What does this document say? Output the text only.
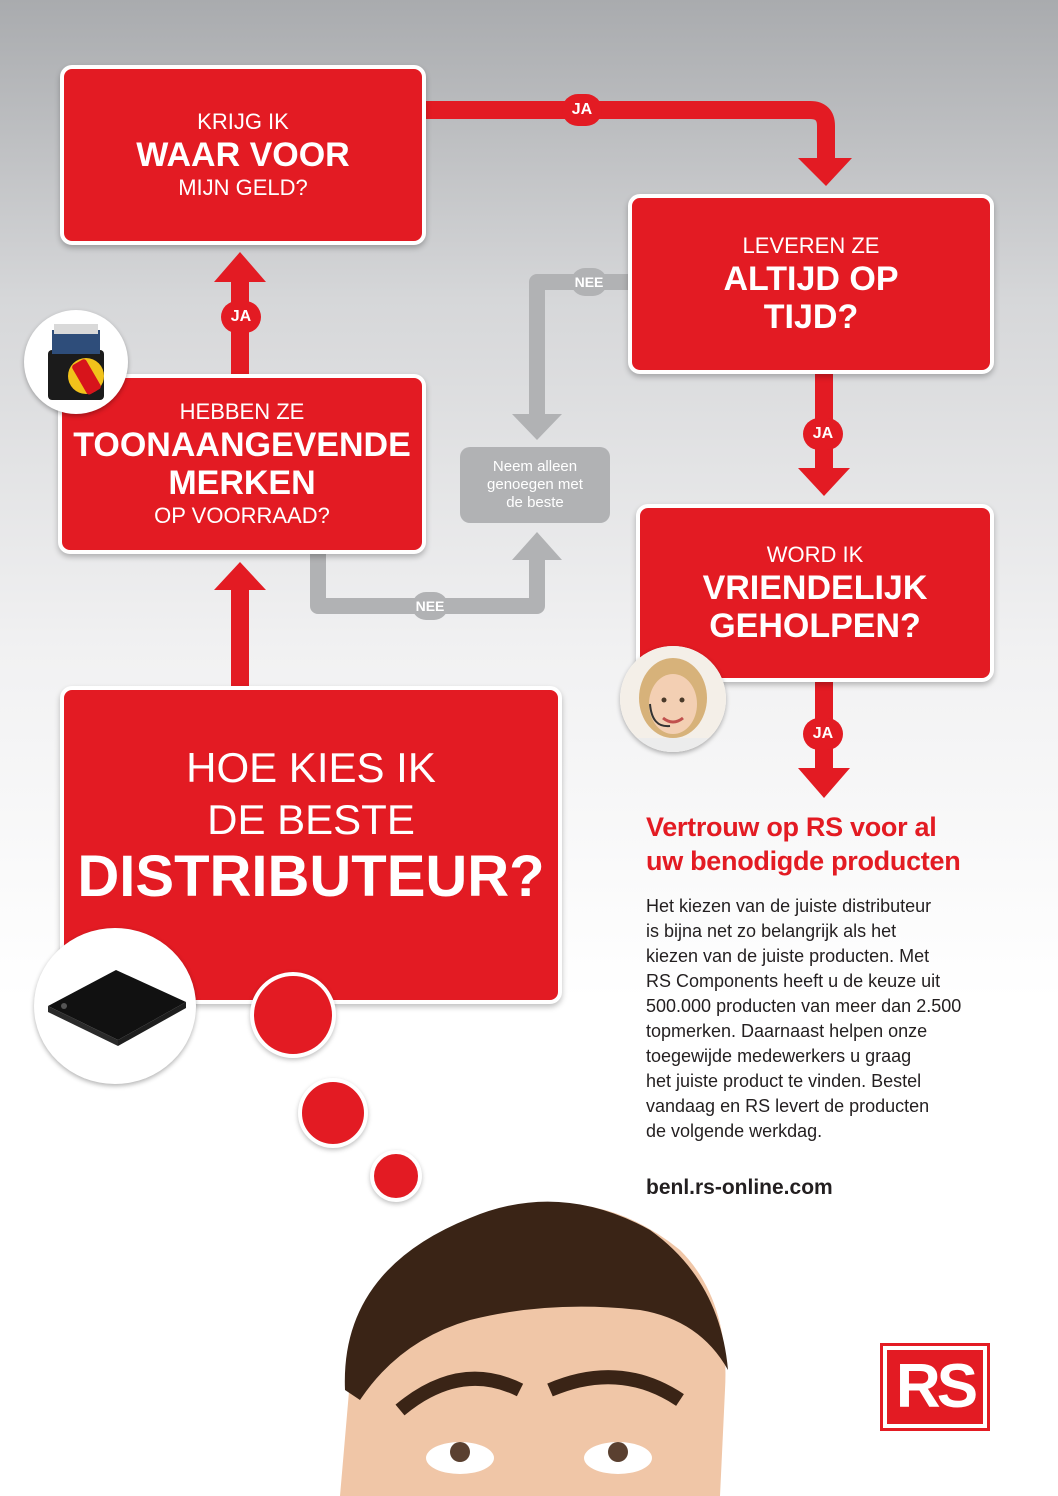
KRIJG IK
WAAR VOOR
MIJN GELD?
HEBBEN ZE
TOONAANGEVENDE
MERKEN
OP VOORRAAD?
LEVEREN ZE
ALTIJD OP
TIJD?
WORD IK
VRIENDELIJK
GEHOLPEN?
HOE KIES IK
DE BESTE
DISTRIBUTEUR?
Neem alleen
genoegen met
de beste
JA
JA
JA
JA
NEE
NEE
Vertrouw op RS voor al
uw benodigde producten
Het kiezen van de juiste distributeur
is bijna net zo belangrijk als het
kiezen van de juiste producten. Met
RS Components heeft u de keuze uit
500.000 producten van meer dan 2.500
topmerken. Daarnaast helpen onze
toegewijde medewerkers u graag
het juiste product te vinden. Bestel
vandaag en RS levert de producten
de volgende werkdag.
benl.rs-online.com
RS
